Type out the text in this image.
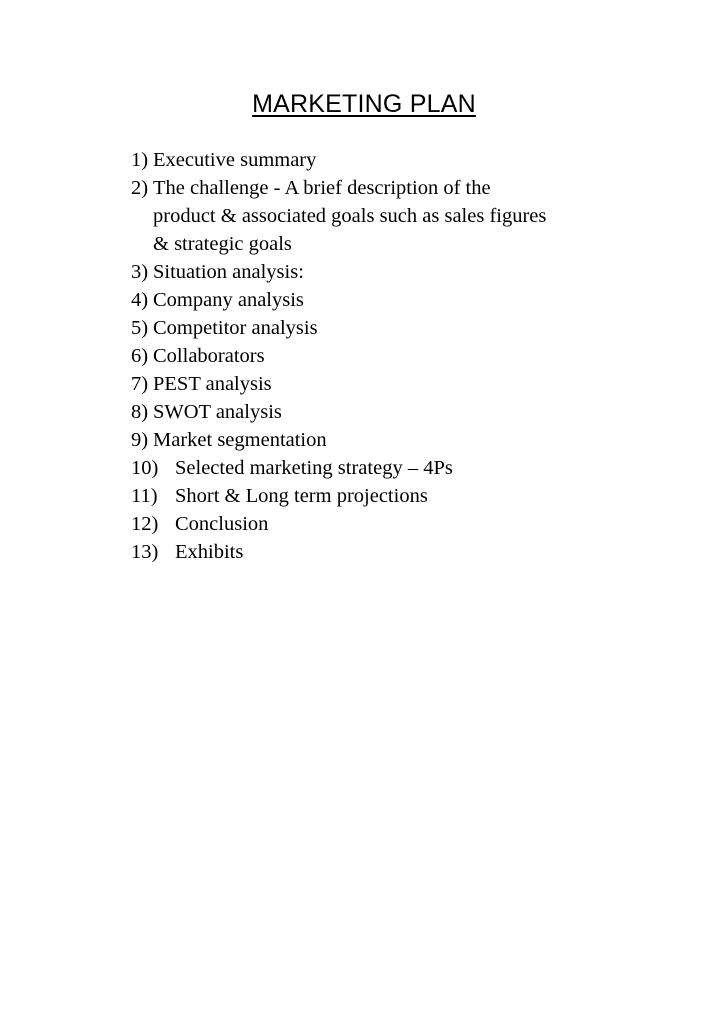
MARKETING PLAN
1) Executive summary
2) The challenge - A brief description of the
product & associated goals such as sales figures
& strategic goals
3) Situation analysis:
4) Company analysis
5) Competitor analysis
6) Collaborators
7) PEST analysis
8) SWOT analysis
9) Market segmentation
10) Selected marketing strategy – 4Ps
11) Short & Long term projections
12) Conclusion
13) Exhibits
